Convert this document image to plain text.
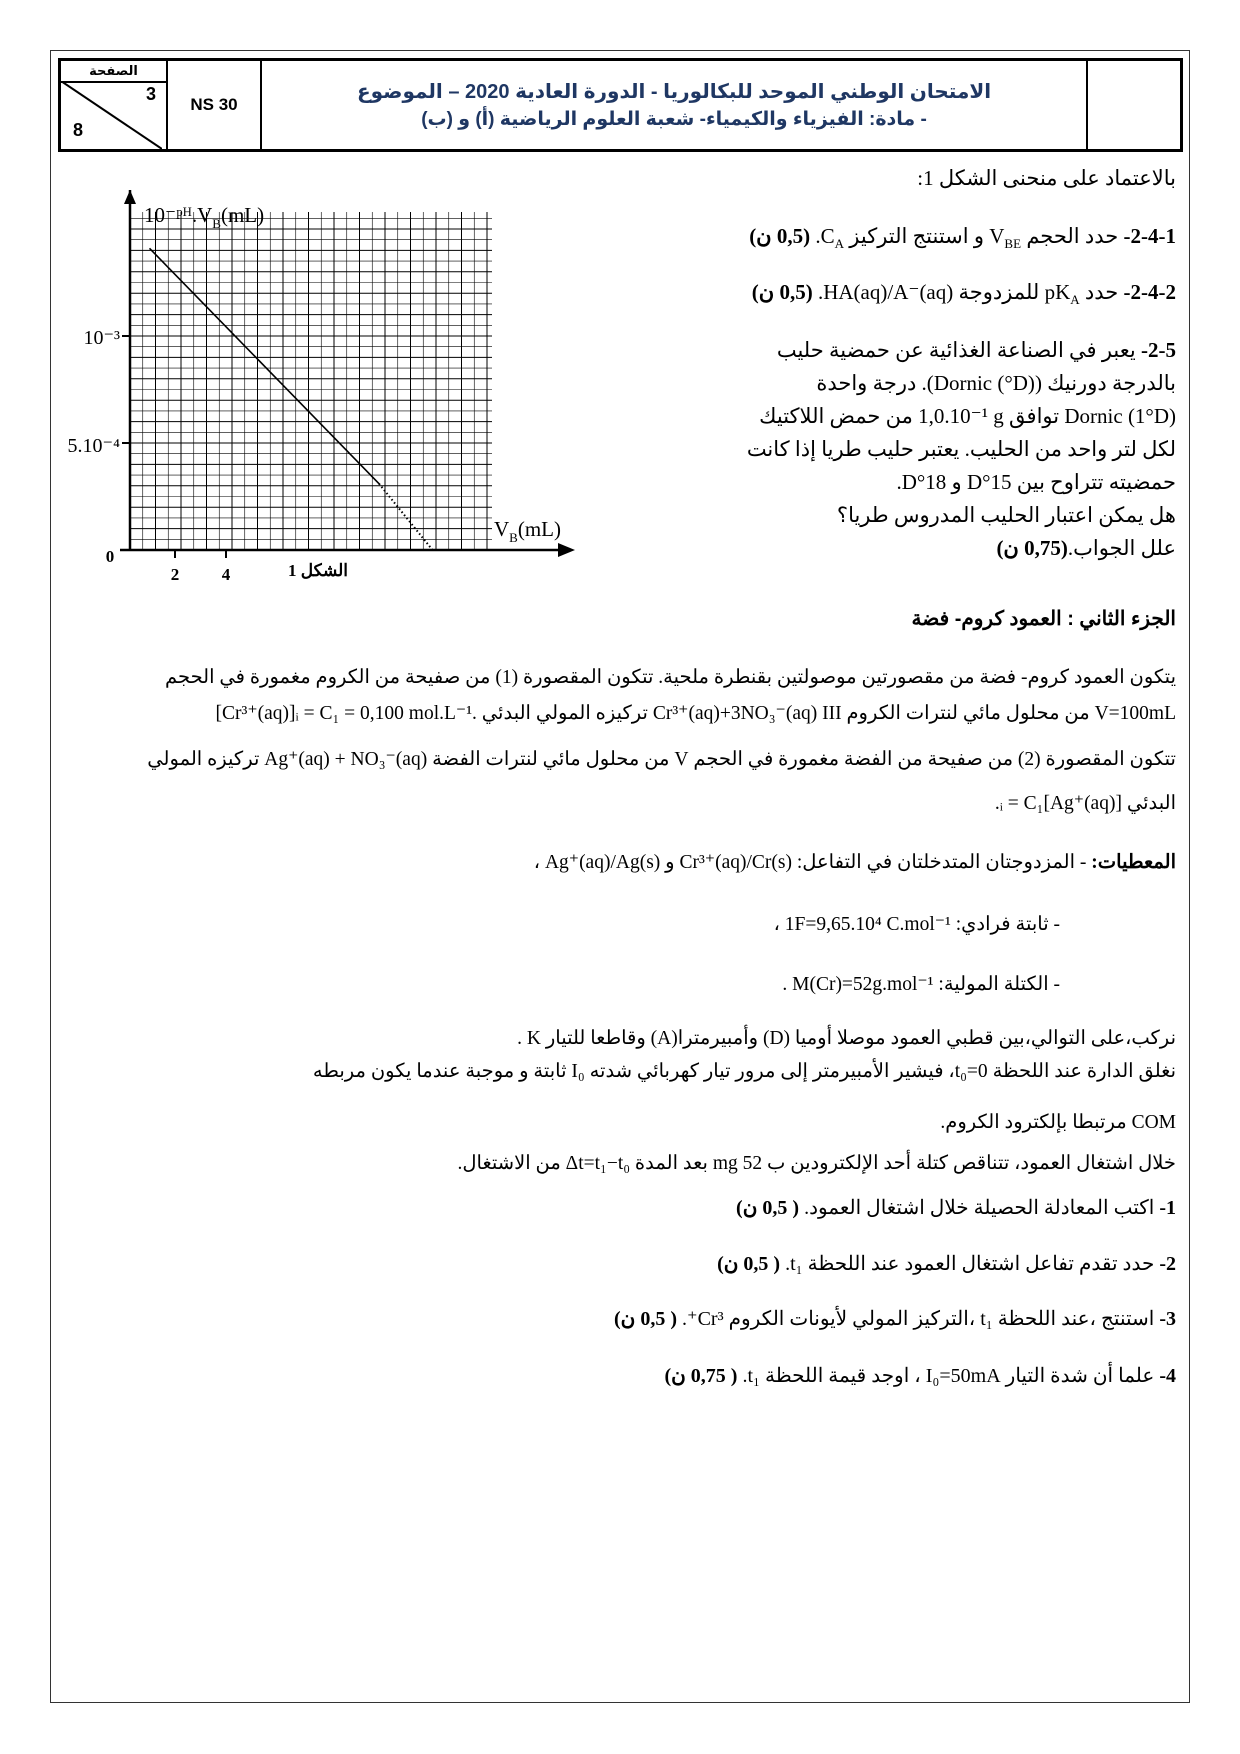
الصفحة
3
8
NS 30
الامتحان الوطني الموحد للبكالوريا - الدورة العادية 2020 – الموضوع
- مادة: الفيزياء والكيمياء- شعبة العلوم الرياضية (أ) و (ب)
$10^-ᵖᴴ.V_B(mL)$
$V_B(mL)$
10⁻³
5.10⁻⁴
0
2	4	الشكل 1
بالاعتماد على منحنى الشكل 1:
2-4-1- حدد الحجم $V_{BE}$ و استنتج التركيز $C_A$. (0,5 ن)
2-4-2- حدد $pK_A$ للمزدوجة HA(aq)/A⁻(aq). (0,5 ن)
2-5- يعبر في الصناعة الغذائية عن حمضية حليب
بالدرجة دورنيك (Dornic (°D)). درجة واحدة
Dornic (1°D) توافق 1,0.10⁻¹ g من حمض اللاكتيك
لكل لتر واحد من الحليب. يعتبر حليب طريا إذا كانت
حمضيته تتراوح بين 15°D و 18°D.
هل يمكن اعتبار الحليب المدروس طريا؟
علل الجواب.(0,75 ن)
الجزء الثاني : العمود كروم- فضة
يتكون العمود كروم- فضة من مقصورتين موصولتين بقنطرة ملحية. تتكون المقصورة (1) من صفيحة من الكروم مغمورة في الحجم
V=100mL من محلول مائي لنترات الكروم III Cr³⁺(aq)+3NO₃⁻(aq) تركيزه المولي البدئي [Cr³⁺(aq)]ᵢ = C₁ = 0,100 mol.L⁻¹.
تتكون المقصورة (2) من صفيحة من الفضة مغمورة في الحجم V من محلول مائي لنترات الفضة Ag⁺(aq) + NO₃⁻(aq) تركيزه المولي
البدئي [Ag⁺(aq)]ᵢ = C₁.
المعطيات: - المزدوجتان المتدخلتان في التفاعل: Cr³⁺(aq)/Cr(s) و Ag⁺(aq)/Ag(s) ،
- ثابتة فرادي: 1F=9,65.10⁴ C.mol⁻¹ ،
- الكتلة المولية: M(Cr)=52g.mol⁻¹ .
نركب،على التوالي،بين قطبي العمود موصلا أوميا (D) وأمبيرمترا(A) وقاطعا للتيار K .
نغلق الدارة عند اللحظة t₀=0، فيشير الأمبيرمتر إلى مرور تيار كهربائي شدته I₀ ثابتة و موجبة عندما يكون مربطه
COM مرتبطا بإلكترود الكروم.
خلال اشتغال العمود، تتناقص كتلة أحد الإلكترودين ب 52 mg بعد المدة Δt=t₁−t₀ من الاشتغال.
1- اكتب المعادلة الحصيلة خلال اشتغال العمود. ( 0,5 ن)
2- حدد تقدم تفاعل اشتغال العمود عند اللحظة t₁. ( 0,5 ن)
3- استنتج ،عند اللحظة t₁ ،التركيز المولي لأيونات الكروم Cr³⁺. ( 0,5 ن)
4- علما أن شدة التيار I₀=50mA ، اوجد قيمة اللحظة t₁. ( 0,75 ن)
